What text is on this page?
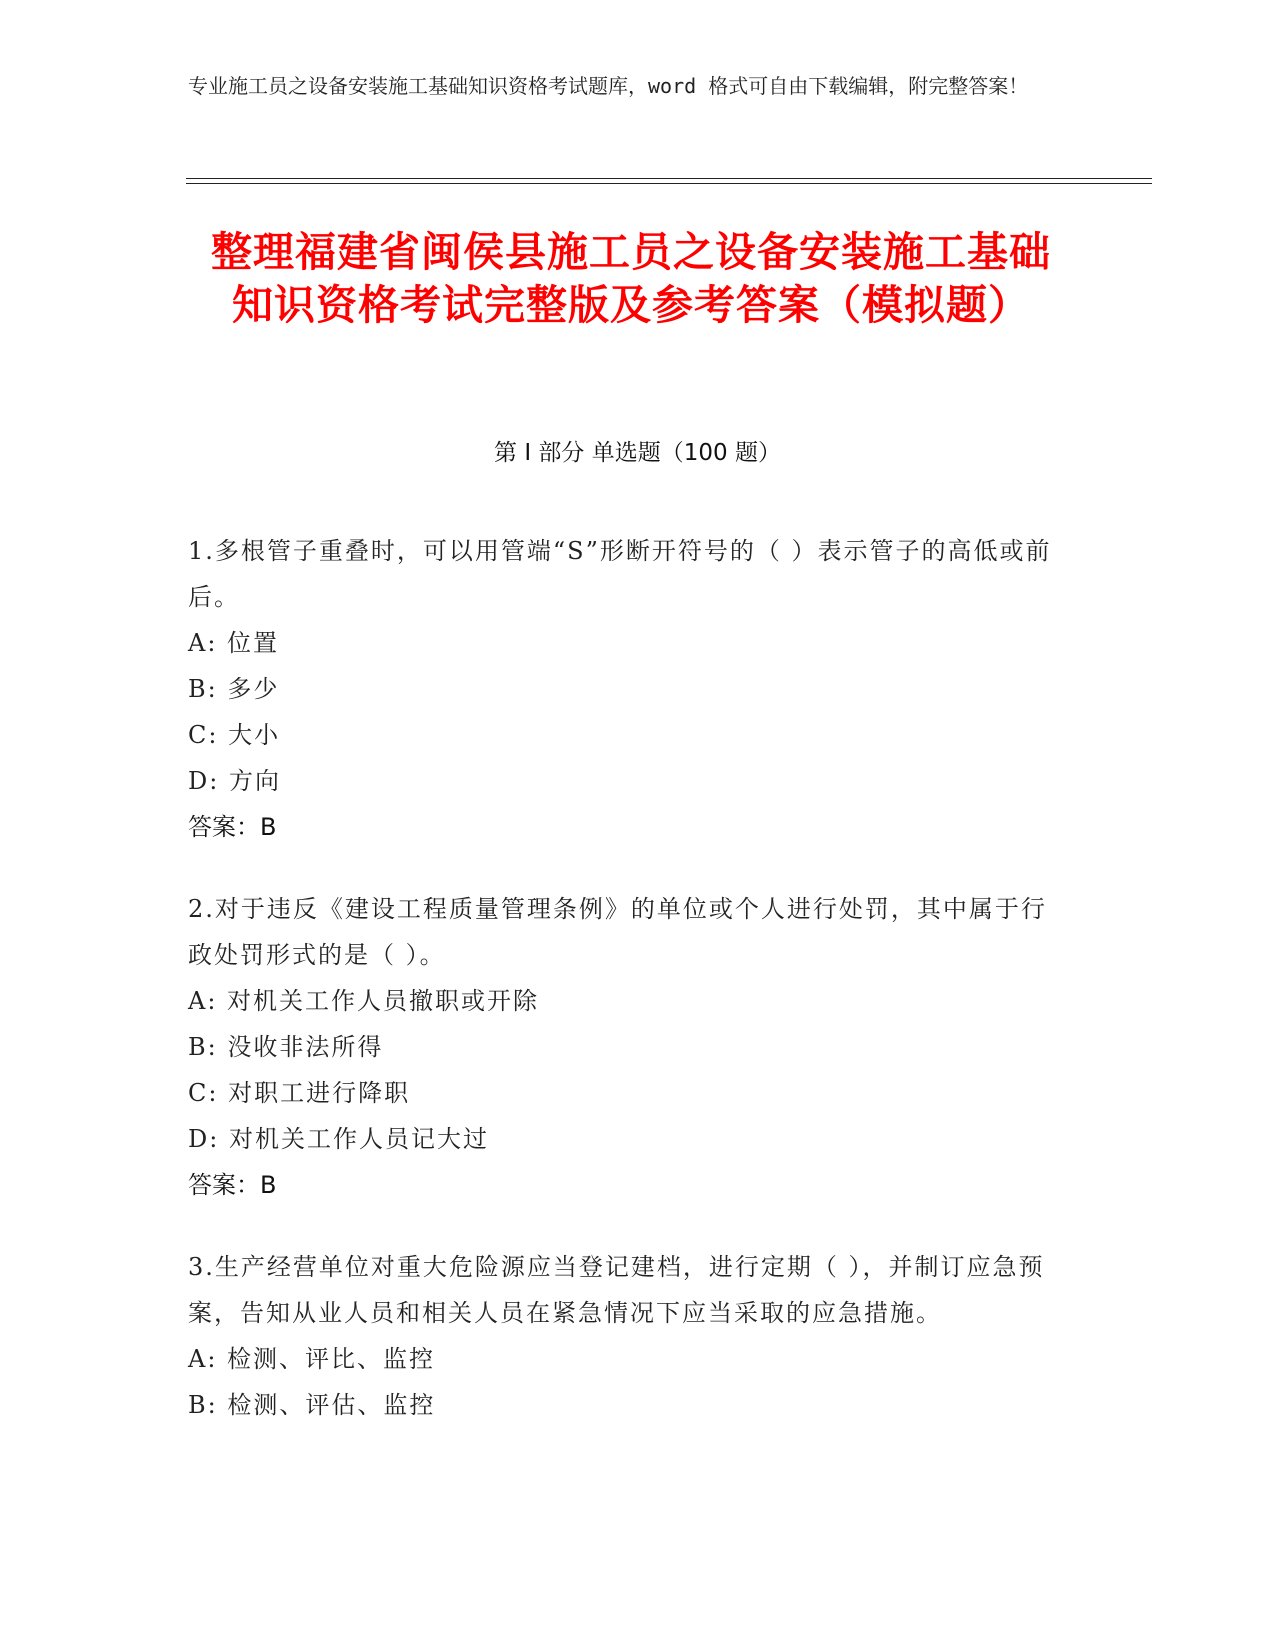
专业施工员之设备安装施工基础知识资格考试题库，word 格式可自由下载编辑，附完整答案！
整理福建省闽侯县施工员之设备安装施工基础知识资格考试完整版及参考答案（模拟题）
第 I 部分 单选题（100 题）
1.多根管子重叠时，可以用管端“S”形断开符号的（ ）表示管子的高低或前后。
A: 位置
B: 多少
C: 大小
D: 方向
答案：B
2.对于违反《建设工程质量管理条例》的单位或个人进行处罚，其中属于行政处罚形式的是（ ）。
A: 对机关工作人员撤职或开除
B: 没收非法所得
C: 对职工进行降职
D: 对机关工作人员记大过
答案：B
3.生产经营单位对重大危险源应当登记建档，进行定期（ ），并制订应急预案，告知从业人员和相关人员在紧急情况下应当采取的应急措施。
A: 检测、评比、监控
B: 检测、评估、监控
